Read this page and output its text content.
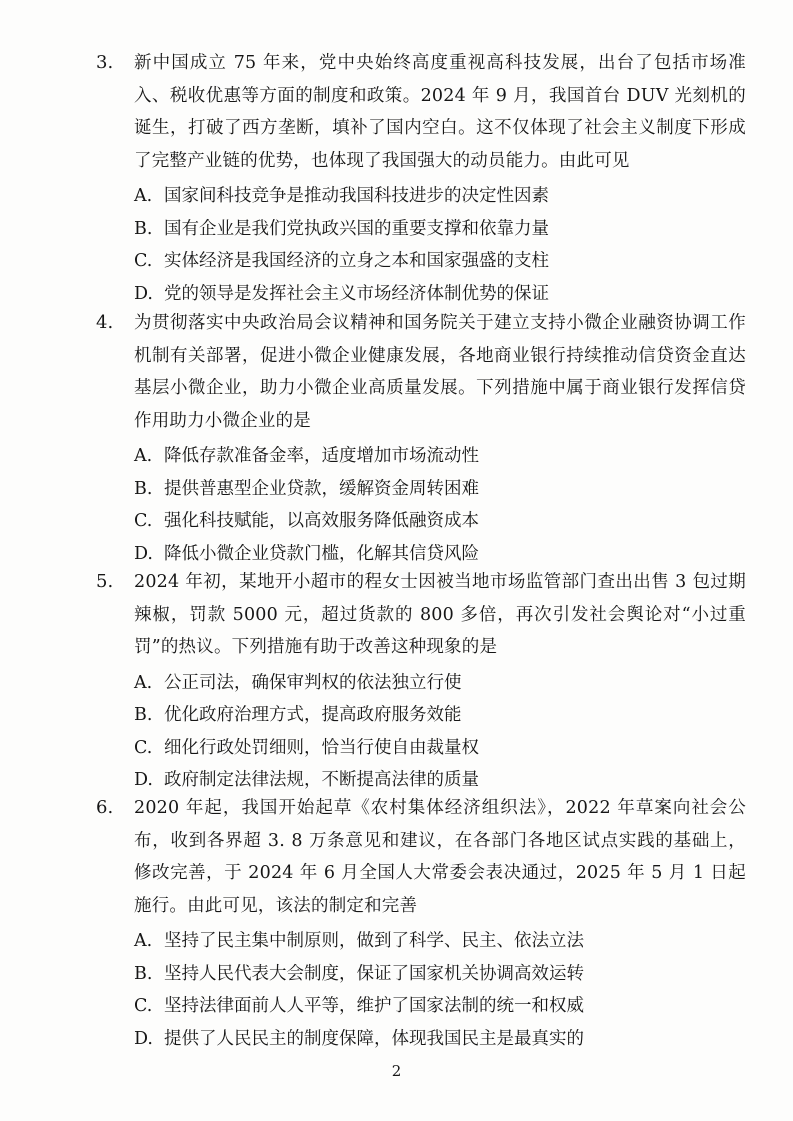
3. 新中国成立 75 年来，党中央始终高度重视高科技发展，出台了包括市场准入、税收优惠等方面的制度和政策。2024 年 9 月，我国首台 DUV 光刻机的诞生，打破了西方垄断，填补了国内空白。这不仅体现了社会主义制度下形成了完整产业链的优势，也体现了我国强大的动员能力。由此可见
A. 国家间科技竞争是推动我国科技进步的决定性因素
B. 国有企业是我们党执政兴国的重要支撑和依靠力量
C. 实体经济是我国经济的立身之本和国家强盛的支柱
D. 党的领导是发挥社会主义市场经济体制优势的保证
4. 为贯彻落实中央政治局会议精神和国务院关于建立支持小微企业融资协调工作机制有关部署，促进小微企业健康发展，各地商业银行持续推动信贷资金直达基层小微企业，助力小微企业高质量发展。下列措施中属于商业银行发挥信贷作用助力小微企业的是
A. 降低存款准备金率，适度增加市场流动性
B. 提供普惠型企业贷款，缓解资金周转困难
C. 强化科技赋能，以高效服务降低融资成本
D. 降低小微企业贷款门槛，化解其信贷风险
5. 2024 年初，某地开小超市的程女士因被当地市场监管部门查出出售 3 包过期辣椒，罚款 5000 元，超过货款的 800 多倍，再次引发社会舆论对“小过重罚”的热议。下列措施有助于改善这种现象的是
A. 公正司法，确保审判权的依法独立行使
B. 优化政府治理方式，提高政府服务效能
C. 细化行政处罚细则，恰当行使自由裁量权
D. 政府制定法律法规，不断提高法律的质量
6. 2020 年起，我国开始起草《农村集体经济组织法》，2022 年草案向社会公布，收到各界超 3. 8 万条意见和建议，在各部门各地区试点实践的基础上，修改完善，于 2024 年 6 月全国人大常委会表决通过，2025 年 5 月 1 日起施行。由此可见，该法的制定和完善
A. 坚持了民主集中制原则，做到了科学、民主、依法立法
B. 坚持人民代表大会制度，保证了国家机关协调高效运转
C. 坚持法律面前人人平等，维护了国家法制的统一和权威
D. 提供了人民民主的制度保障，体现我国民主是最真实的
2
